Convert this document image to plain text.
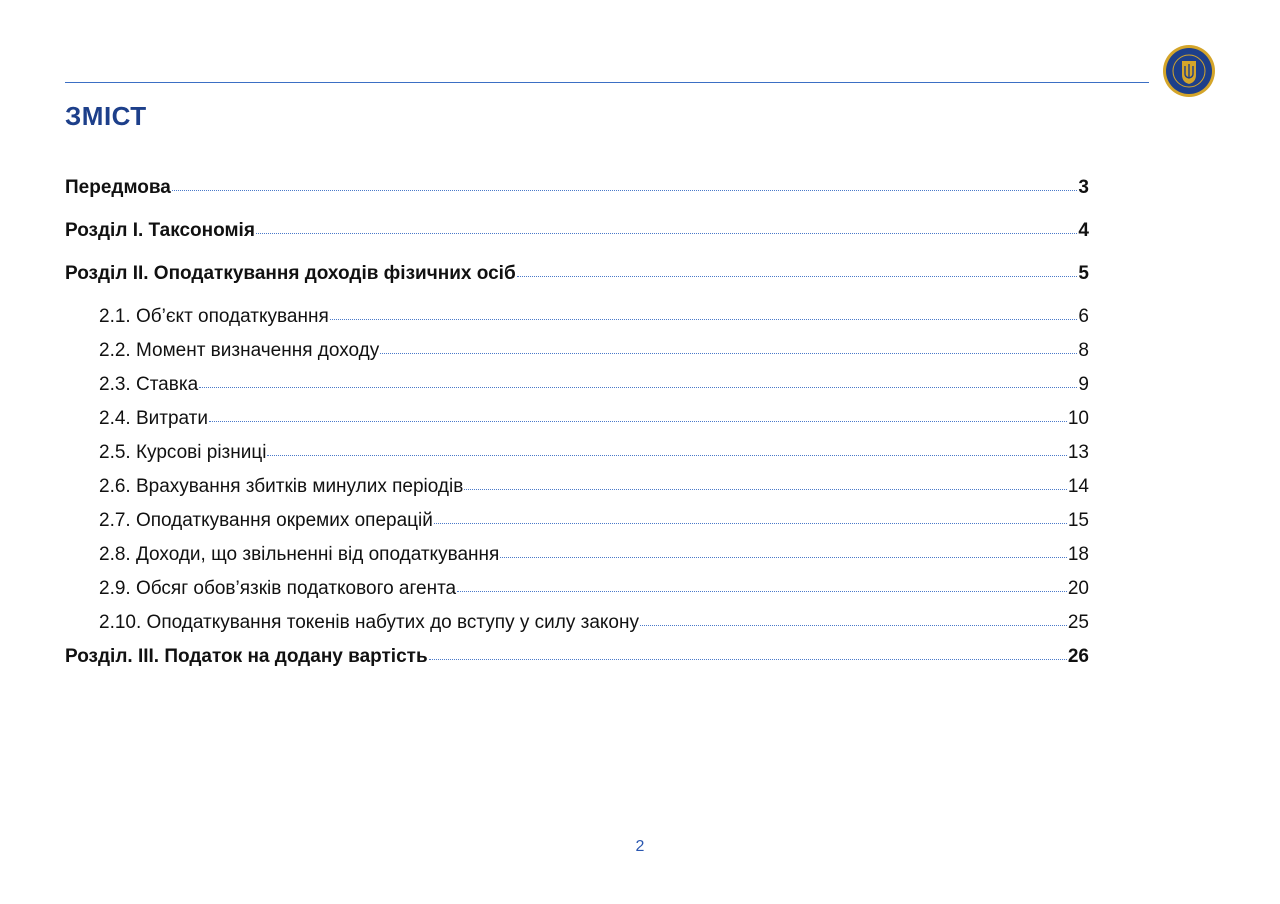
ЗМІСТ
Передмова	3
Розділ І. Таксономія	4
Розділ ІІ. Оподаткування доходів фізичних осіб	5
2.1. Об’єкт оподаткування	6
2.2. Момент визначення доходу	8
2.3. Ставка	9
2.4. Витрати	10
2.5. Курсові різниці	13
2.6. Врахування збитків минулих періодів	14
2.7. Оподаткування окремих операцій	15
2.8. Доходи, що звільненні від оподаткування	18
2.9. Обсяг обов’язків податкового агента	20
2.10. Оподаткування токенів набутих до вступу у силу закону	25
Розділ. ІІІ. Податок на додану вартість	26
2
